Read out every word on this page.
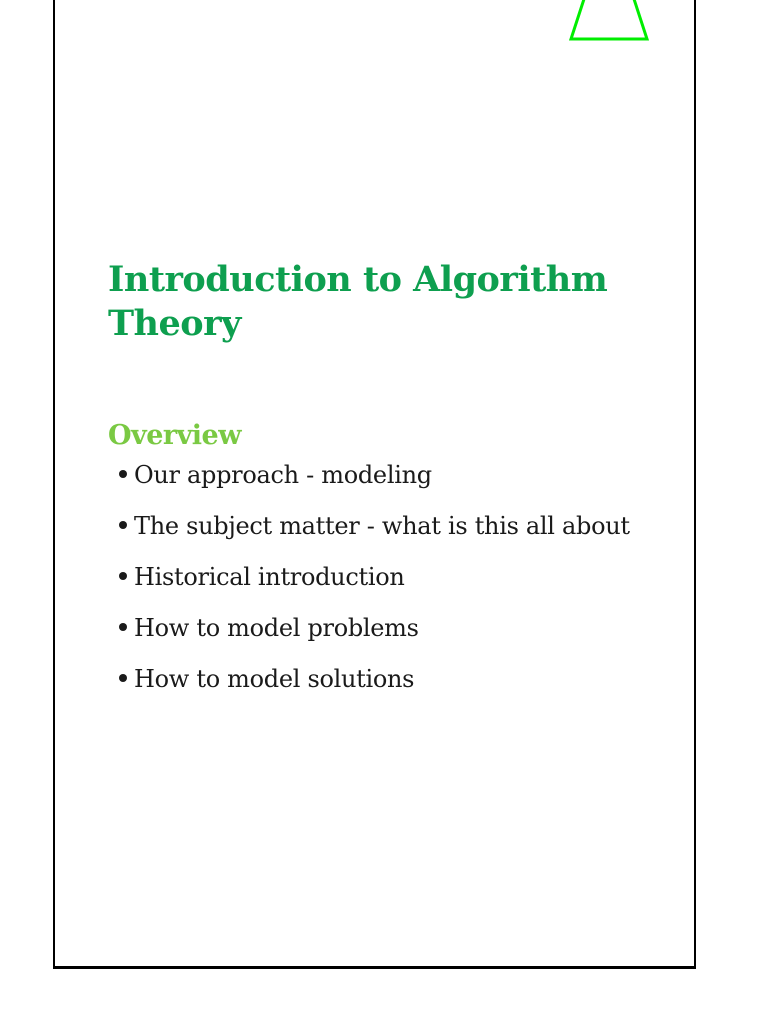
Introduction to Algorithm Theory
Overview
Our approach - modeling
The subject matter - what is this all about
Historical introduction
How to model problems
How to model solutions
